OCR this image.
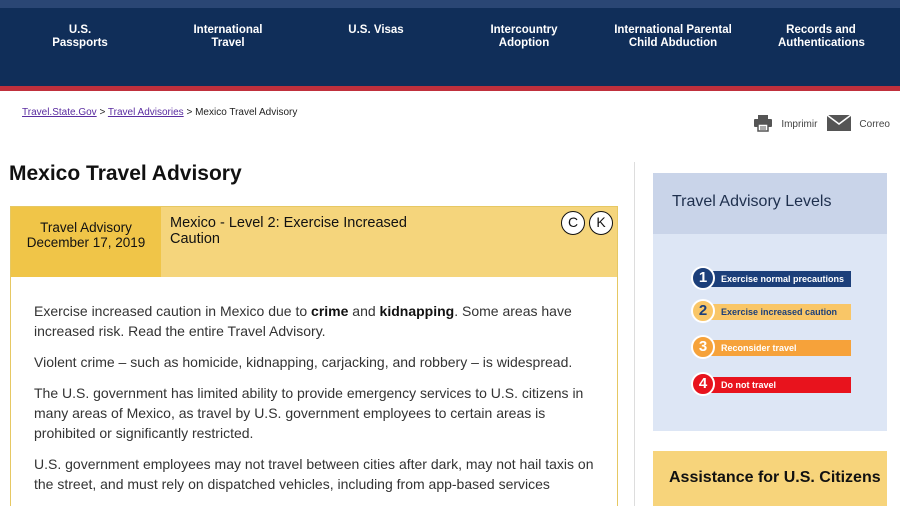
U.S. Passports
International Travel
U.S. Visas	Intercountry Adoption
International Parental Child Abduction
Records and Authentications
Travel.State.Gov > Travel Advisories > Mexico Travel Advisory
Imprimir	Correo
Mexico Travel Advisory
Travel Advisory
December 17, 2019
Mexico - Level 2: Exercise Increased Caution
C	K

Exercise increased caution in Mexico due to crime and kidnapping. Some areas have increased risk. Read the entire Travel Advisory.

Violent crime – such as homicide, kidnapping, carjacking, and robbery – is widespread.

The U.S. government has limited ability to provide emergency services to U.S. citizens in many areas of Mexico, as travel by U.S. government employees to certain areas is prohibited or significantly restricted.

U.S. government employees may not travel between cities after dark, may not hail taxis on the street, and must rely on dispatched vehicles, including from app-based services

Travel Advisory Levels
Exercise normal precautions
1
Exercise increased caution
2
Reconsider travel
3
Do not travel
4
Assistance for U.S. Citizens
